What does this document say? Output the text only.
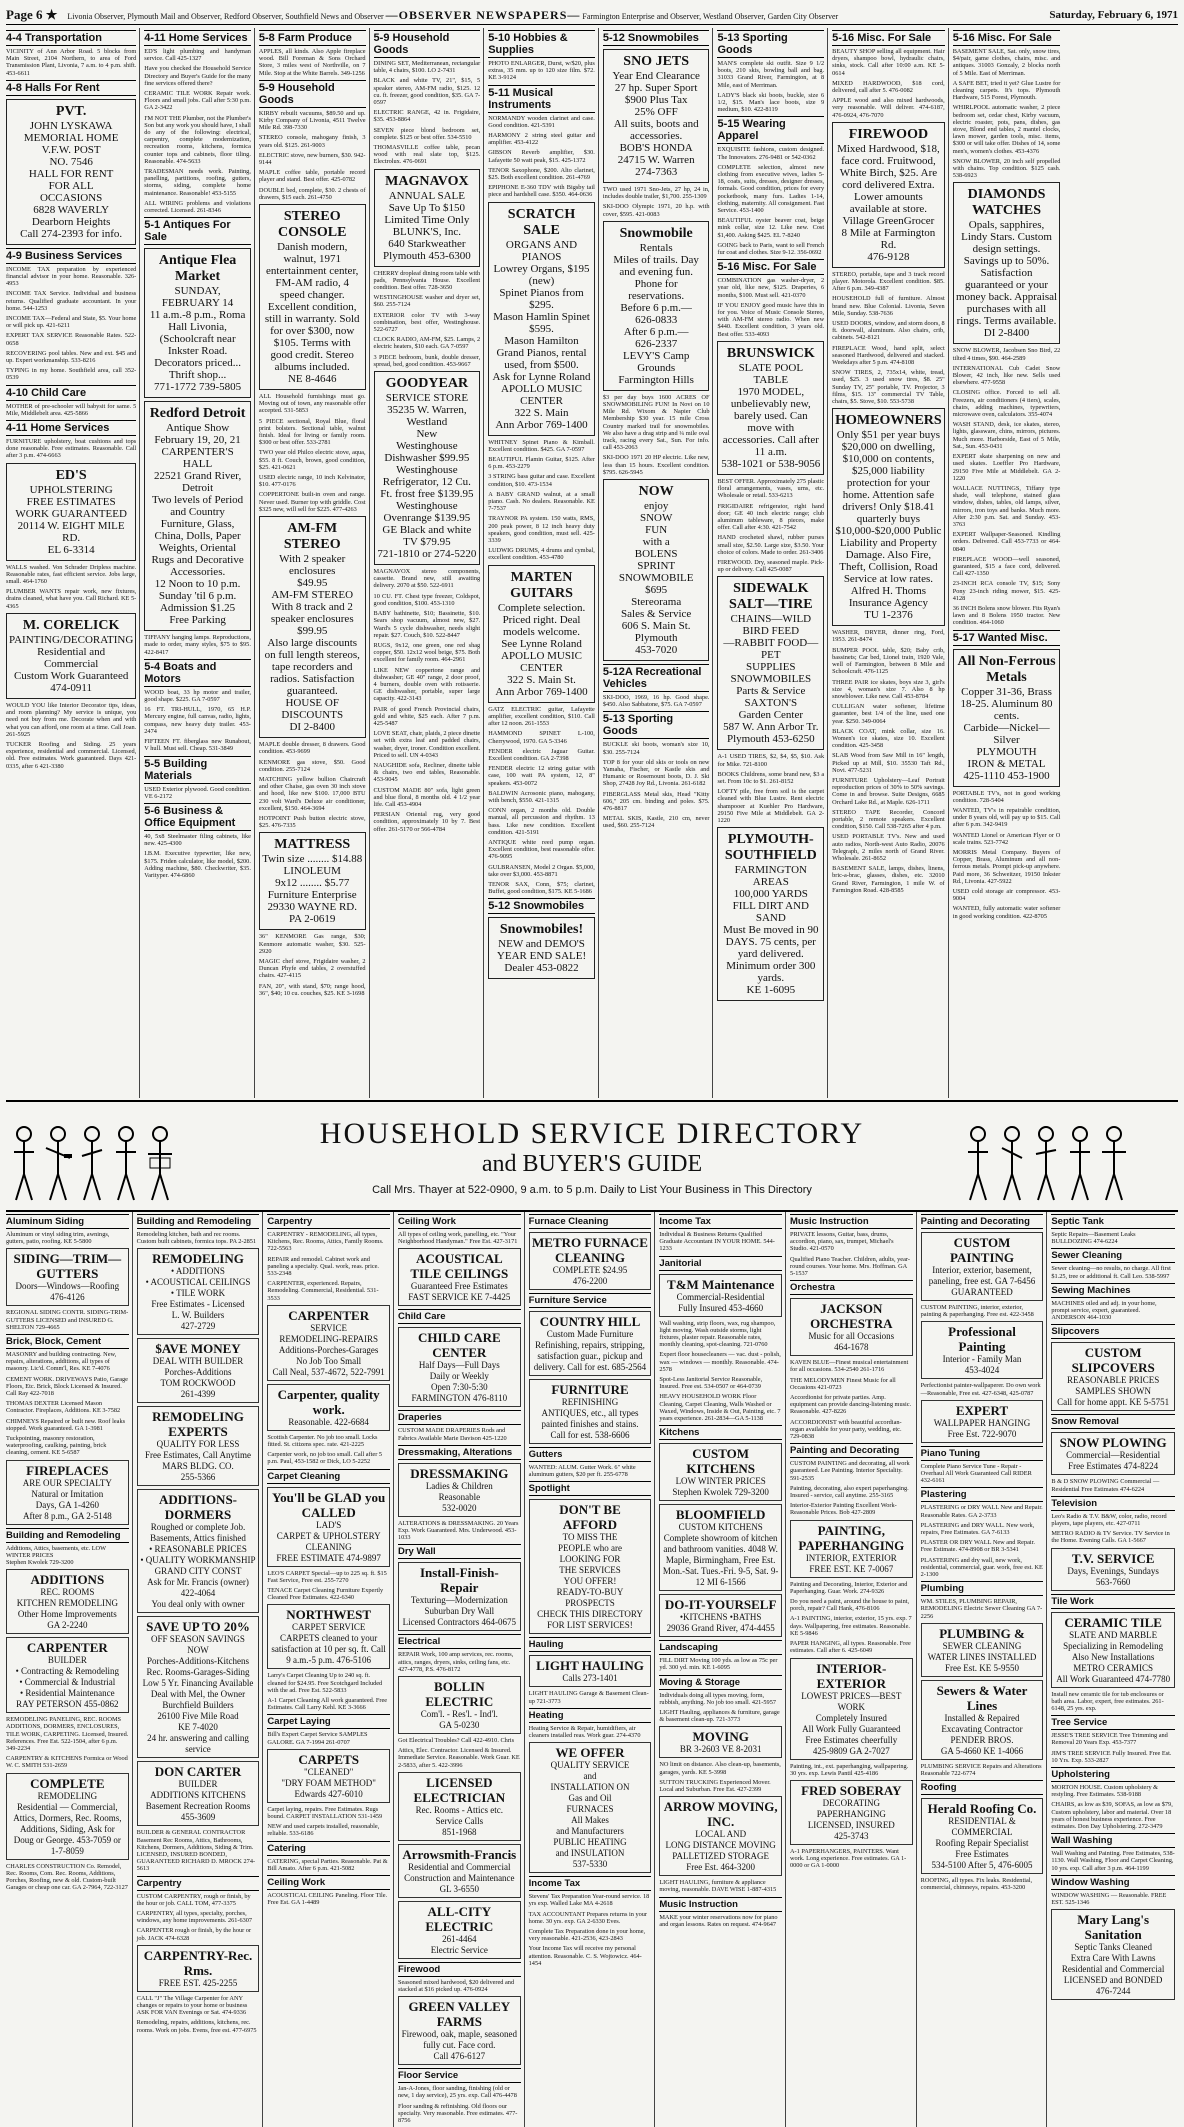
Page 6 ★ Livonia Observer, Plymouth Mail and Observer, Redford Observer, Southfield News and Observer —OBSERVER NEWSPAPERS— Farmington Enterprise and Observer, Westland Observer, Garden City Observer	Saturday, February 6, 1971
4-4 Transportation

VICINITY of Ann Arbor Road. 5 blocks from Main Street, 2104 Northern, to area of Ford Transmission Plant, Livonia, 7 a.m. to 4 p.m. shift. 453-6611

4-8 Halls For Rent
PVT.
JOHN LYSKAWA
MEMORIAL HOME
V.F.W. POST
NO. 7546
HALL FOR RENT
FOR ALL
OCCASIONS
6828 WAVERLY
Dearborn Heights
Call 274-2393 for info.
4-9 Business Services

INCOME TAX preparation by experienced financial advisor in your home. Reasonable. 326-4953

INCOME TAX Service. Individual and business returns. Qualified graduate accountant. In your home. 544-1253

INCOME TAX—Federal and State, $5. Your home or will pick up. 421-6211

EXPERT TAX SERVICE Reasonable Rates. 522-0658

RECOVERING pool tables. New and ext. $45 and up. Expert workmanship. 533-8216

TYPING in my home. Southfield area, call 352-0539

4-10 Child Care

MOTHER of pre-schooler will babysit for same. 5 Mile, Middlebelt area. 425-5866

4-11 Home Services

FURNITURE upholstery, boat cushions and tops done reasonable. Free estimates. Reasonable. Call after 3 p.m. 474-6663

ED'S
UPHOLSTERING
FREE ESTIMATES
WORK GUARANTEED
20114 W. EIGHT MILE RD.
EL 6-3314

WALLS washed. Von Schrader Dripless machine. Reasonable rates, fast efficient service. Jobs large, small. 464-1760

PLUMBER WANTS repair work, new fixtures, drains cleaned, what have you. Call Richard. KE 5-4365

M. CORELICK
PAINTING/DECORATING
Residential and Commercial
Custom Work Guaranteed
474-0911

WOULD YOU like Interior Decorator tips, ideas, and room planning? My service is unique, you need not buy from me. Decorate when and with what you can afford, one room at a time. Call Joan. 261-5925

TUCKER Roofing and Siding. 25 years experience, residential and commercial. Licensed, old. Free estimates. Work guaranteed. Days 421-0335, after 6 421-3380

4-11 Home Services

ED'S light plumbing and handyman service. Call 425-1327

Have you checked the Household Service Directory and Buyer's Guide for the many fine services offered there?

CERAMIC TILE WORK Repair work. Floors and small jobs. Call after 5:30 p.m. GA 2-3422

I'M NOT THE Plumber, not the Plumber's Son but any work you should have, I shall do any of the following: electrical, carpentry, complete modernization, recreation rooms, kitchens, formica counter tops and cabinets, floor tiling. Reasonable. 474-5633

TRADESMAN needs work. Painting, panelling, partitions, roofing, gutters, storms, siding, complete home maintenance. Reasonable! 453-5155

ALL WIRING problems and violations corrected. Licensed. 261-8346

5-1 Antiques For Sale
Antique Flea Market
SUNDAY, FEBRUARY 14
11 a.m.-8 p.m., Roma Hall Livonia, (Schoolcraft near Inkster Road. Decorators priced...
Thrift shop...
771-1772 739-5805
Redford Detroit
Antique Show
February 19, 20, 21
CARPENTER'S HALL
22521 Grand River, Detroit
Two levels of Period and Country Furniture, Glass, China, Dolls, Paper Weights, Oriental Rugs and Decorative Accessories.
12 Noon to 10 p.m.
Sunday 'til 6 p.m.
Admission $1.25
Free Parking

TIFFANY hanging lamps. Reproductions, made to order, many styles, $75 to $95. 422-8417

5-4 Boats and Motors

WOOD boat, 33 hp motor and trailer, good shape. $225. GA 7-0597

16 FT. TRI-HULL, 1970, 65 H.P. Mercury engine, full canvas, radio, lights, compass, new heavy duty trailer. 453-2474

FIFTEEN FT. fiberglass new Runabout, V hull. Must sell. Cheap. 531-3849

5-5 Building Materials

USED Exterior plywood. Good condition. VE 6-2172

5-6 Business & Office Equipment

40, 5x8 Steelmaster filing cabinets, like new. 425-4300

I.B.M. Executive typewriter, like new, $175. Friden calculator, like model, $200. Adding machine, $80. Checkwriter, $35. Varityper. 474-6860

5-8 Farm Produce

APPLES, all kinds. Also Apple fireplace wood. Bill Foreman & Sons Orchard Store, 3 miles west of Northville, on 7 Mile. Stop at the White Barrels. 349-1256

5-9 Household Goods

KIRBY rebuilt vacuums, $89.50 and up. Kirby Company of Livonia, 4511 Twelve Mile Rd. 398-7330

STEREO console, mahogany finish, 3 years old. $125. 261-9003

ELECTRIC stove, new burners, $30. 942-9144

MAPLE coffee table, portable record player and stand. Best offer. 425-0782

DOUBLE bed, complete, $30. 2 chests of drawers, $15 each. 261-4750

STEREO CONSOLE
Danish modern, walnut, 1971 entertainment center, FM-AM radio, 4 speed changer. Excellent condition, still in warranty. Sold for over $300, now $105. Terms with good credit. Stereo albums included.
NE 8-4646

ALL Household furnishings must go. Moving out of town, any reasonable offer accepted. 531-5853

5 PIECE sectional, Royal Blue, floral print bolsters. Sectional table, walnut finish. Ideal for living or family room. $300 or best offer. 533-2781

TWO year old Philco electric stove, aqua, $55. 8 ft. Couch, brown, good condition, $25. 421-0621

USED electric range, 10 inch Kelvinator, $10. 477-0176

COPPERTONE built-in oven and range. Never used. Burner top with griddle. Cost $325 new, will sell for $225. 477-4263

AM-FM STEREO
With 2 speaker enclosures
$49.95
AM-FM STEREO
With 8 track and 2 speaker enclosures
$99.95
Also large discounts on full length stereos, tape recorders and radios. Satisfaction guaranteed.
HOUSE OF
DISCOUNTS
DI 2-8400

MAPLE double dresser, 8 drawers. Good condition. 453-9699

KENMORE gas stove, $50. Good condition. 255-7124

MATCHING yellow bullion Chaircraft and other Chaise, gas oven 30 inch stove and hood, like new $100. 17,000 BTU 230 volt Ward's Deluxe air conditioner, excellent, $150. 464-3694

HOTPOINT Push button electric stove, $25. 476-7335

MATTRESS
Twin size ........ $14.88
LINOLEUM
9x12 ........ $5.77
Furniture Enterprise
29330 WAYNE RD. PA 2-0619

36" KENMORE Gas range, $30; Kenmore automatic washer, $30. 525-2920

MAGIC chef stove, Frigidaire washer, 2 Duncan Phyfe end tables, 2 overstuffed chairs. 427-4115

FAN, 20", with stand, $70; range hood, 36", $40; 10 cu. couches, $25. KE 3-1698

5-9 Household Goods

DINING SET, Mediterranean, rectangular table, 4 chairs, $100. LO 2-7431

BLACK and white TV, 21", $15, 5 speaker stereo, AM-FM radio, $125. 12 cu. ft. freezer, good condition, $35. GA 7-0597

ELECTRIC RANGE, 42 in. Frigidaire, $35. 453-8864

SEVEN piece blond bedroom set, complete. $125 or best offer. 534-5510

THOMASVILLE coffee table, pecan wood with real slate top, $125. Electrolux. 476-0691

MAGNAVOX
ANNUAL SALE
Save Up To $150
Limited Time Only
BLUNK'S, Inc.
640 Starkweather
Plymouth 453-6300

CHERRY dropleaf dining room table with pads, Pennsylvania House. Excellent condition. Best offer. 728-3650

WESTINGHOUSE washer and dryer set, $60. 255-7124

EXTERIOR color TV with 3-way combination, best offer, Westinghouse. 522-6727

CLOCK RADIO, AM-FM, $25. Lamps, 2 electric heaters, $10 each. GA 7-0597

3 PIECE bedroom, bunk, double dresser, spread, bed, good condition. 453-9667

GOODYEAR
SERVICE STORE
35235 W. Warren, Westland
New
Westinghouse Dishwasher $99.95
Westinghouse Refrigerator, 12 Cu. Ft. frost free $139.95
Westinghouse Ovenrange $139.95
GE Black and white TV $79.95
721-1810 or 274-5220

MAGNAVOX stereo components, cassette. Brand new, still awaiting delivery. 2070 at $50. 522-6911

10 CU. FT. Chest type freezer, Coldspot, good condition, $100. 453-1310

BABY bathinette, $10; Bassinette, $10. Sears shop vacuum, almost new, $27. Ward's 5 cycle dishwasher, needs slight repair. $27. Couch, $10. 522-8447

RUGS, 9x12, one green, one red shag copper, $50. 12x12 wool beige, $75. Both excellent for family room. 464-2961

LIKE NEW coppertone range and dishwasher; GE 40" range, 2 door proof, 4 burners, double oven with rotisserie. GE dishwasher, portable, super large capacity. 422-3143

PAIR of good French Provincial chairs, gold and white, $25 each. After 7 p.m. 425-5487

LOVE SEAT, chair, plaids, 2 piece dinette set with extra leaf and padded chairs, washer, dryer, ironer. Condition excellent. Priced to sell. UN 4-0343

NAUGHIDE sofa, Recliner, dinette table & chairs, two end tables, Reasonable. 453-9045

CUSTOM MADE 80" sofa, light green and blue floral, 8 months old. 4 1/2 year life. Call 453-4904

PERSIAN Oriental rug, very good condition, approximately 10 by 7. Best offer. 261-5170 or 566-4784

5-10 Hobbies & Supplies

PHOTO ENLARGER, Durst, w/$20, plus extras, 35 mm. up to 120 size film. $72. KE 3-9124

5-11 Musical Instruments

NORMANDY wooden clarinet and case. Good condition. 421-5391

HARMONY 2 string steel guitar and amplifier. 453-4122

GIBSON Reverb amplifier, $30. Lafayette 50 watt peak, $15. 425-1372

TENOR Saxophone, $200. Alto clarinet, $25. Both excellent condition. 261-4769

EPIPHONE E-360 TDV with Bigsby tail piece and hardshell case. $350. 464-0636

SCRATCH SALE
ORGANS AND PIANOS
Lowrey Organs, $195 (new)
Spinet Pianos from $295.
Mason Hamlin Spinet $595.
Mason Hamilton Grand Pianos, rental used, from $500.
Ask for Lynne Roland
APOLLO MUSIC CENTER
322 S. Main
Ann Arbor 769-1400

WHITNEY Spinet Piano & Kimball. Excellent condition. $425. GA 7-0597

BEAUTIFUL Flamin Guitar, $125. After 6 p.m. 453-2279

3 STRING bass guitar and case. Excellent condition, $10. 473-1534

A BABY GRAND walnut, at a small piano. Cash. No dealers. Reasonable. KE 7-7537

TRAYNOR PA system. 150 watts, RMS, 200 peak power, 8 12 inch heavy duty speakers, good condition, must sell. 425-3339

LUDWIG DRUMS, 4 drums and cymbal, excellent condition. 453-4780

MARTEN GUITARS
Complete selection. Priced right. Deal models welcome.
See Lynne Roland
APOLLO MUSIC CENTER
322 S. Main St.
Ann Arbor 769-1400

GATZ ELECTRIC guitar, Lafayette amplifier, excellent condition, $110. Call after 12 noon. 261-1553

HAMMOND SPINET L-100, Cherrywood, 1970. GA 5-3346

FENDER electric Jaguar Guitar. Excellent condition. GA 2-7398

FENDER electric 12 string guitar with case, 100 watt PA system, 12, 8" speakers. 453-0072

BALDWIN Acrosonic piano, mahogany, with bench, $550. 421-1315

CONN organ, 2 months old. Double manual, all percussion and rhythm. 13 bass. Like new condition. Excellent condition. 421-5191

ANTIQUE white reed pump organ. Excellent condition, best reasonable offer. 476-9095

GULBRANSEN, Model 2 Organ. $5,000, take over $3,000. 453-8871

TENOR SAX, Conn, $75; clarinet, Buffet, good condition, $175. KE 5-1686

5-12 Snowmobiles
Snowmobiles!
NEW and DEMO'S
YEAR END SALE!
Dealer 453-0822
5-12 Snowmobiles
SNO JETS
Year End Clearance
27 hp. Super Sport $900 Plus Tax
25% OFF
All suits, boots and accessories.
BOB'S HONDA
24715 W. Warren
274-7363

TWO used 1971 Sno-Jets, 27 hp, 24 in, includes double trailer, $1,700. 255-1309

SKI-DOO Olympic 1971, 20 h.p. with cover, $595. 421-0083

Snowmobile
Rentals
Miles of trails. Day and evening fun. Phone for reservations.
Before 6 p.m.—
626-0833
After 6 p.m.—
626-2337
LEVY'S Camp Grounds
Farmington Hills

$3 per day buys 1600 ACRES OF SNOWMOBILING FUN! In Novi on 10 Mile Rd. Wixom & Napier Club Membership $30 year. 15 mile Cross Country marked trail for snowmobiles. We also have a drag strip and ¼ mile oval track, racing every Sat., Sun. For info. call 453-2063

SKI-DOO 1971 20 HP electric. Like new, less than 15 hours. Excellent condition. $795. 626-5945

NOW
enjoy
SNOW
FUN
with a
BOLENS
SPRINT
SNOWMOBILE
$695
Stereorama
Sales & Service
606 S. Main St.
Plymouth
453-7020
5-12A Recreational Vehicles

SKI-DOO, 1969, 16 hp. Good shape. $450. Also Sabbatone, $75. GA 7-0597

5-13 Sporting Goods

BUCKLE ski boots, woman's size 10, $30. 255-7124

TOP 8 for your old skis or tools on new Yamaha, Fischer, or Kastle skis and Humanic or Rosemount boots, D. J. Ski Shop, 27428 Joy Rd., Livonia. 261-6182

FIBERGLASS Metal skis, Head "Kitty 606," 205 cm. binding and poles. $75. 476-8817

METAL SKIS, Kastle, 210 cm, never used, $60. 255-7124

5-13 Sporting Goods

MAN'S complete ski outfit. Size 9 1/2 boots, 210 skis, bowling ball and bag. 31033 Grand River, Farmington, at 8 Mile, east of Merriman.

LADY'S black ski boots, buckle, size 6 1/2, $15. Man's lace boots, size 9 medium, $10. 422-8119

5-15 Wearing Apparel

EXQUISITE fashions, custom designed. The Innovators. 276-9481 or 542-0362

COMPLETE selection, almost new clothing from executive wives, ladies 5-18, coats, suits, dresses, designer dresses, formals. Good condition, prices for every pocketbook, many furs. Ladies 1-14, clothing, maternity. All consignment. Fast Service. 453-1400

BEAUTIFUL oyster beaver coat, beige mink collar, size 12. Like new. Cost $1,400. Asking $425. EL 7-8240

GOING back to Paris, want to sell French fur coat and clothes. Size 9-12. 356-0692

5-16 Misc. For Sale

COMBINATION gas washer-dryer, 2 year old, like new, $125. Draperies, 6 months, $100. Must sell. 421-0370

IF YOU ENJOY good music have this in for you. Voice of Music Console Stereo, with AM-FM stereo radio. When new $440. Excellent condition, 3 years old. Best offer. 533-4093

BRUNSWICK
SLATE POOL TABLE
1970 MODEL, unbelievably new, barely used. Can move with accessories. Call after 11 a.m.
538-1021 or 538-9056

BEST OFFER. Approximately 275 plastic floral arrangements, vases, urns, etc. Wholesale or retail. 533-6213

FRIGIDAIRE refrigerator, right hand door; GE 40 inch electric range; club aluminum tableware, 8 pieces, make offer. Call after 4:30. 421-7542

HAND crocheted shawl, rubber purses small size, $2.50. Large size, $3.50. Your choice of colors. Made to order. 261-3406

FIREWOOD. Dry, seasoned maple. Pick-up or delivery. Call 425-0087

SIDEWALK SALT—TIRE
CHAINS—WILD BIRD FEED
—RABBIT FOOD—PET
SUPPLIES
SNOWMOBILES
Parts & Service
SAXTON'S
Garden Center
587 W. Ann Arbor Tr.
Plymouth 453-6250

A-1 USED TIRES, $2, $4, $5, $10. Ask for Mike. 721-8100

BOOKS Childrens, some brand new, $3 a set. From 10c to $1. 261-8152

LOFTY pile, free from soil is the carpet cleaned with Blue Lustre. Rent electric shampooer at Kuehler Pro Hardware, 29150 Five Mile at Middlebelt. GA 2-1220

PLYMOUTH-SOUTHFIELD
FARMINGTON AREAS
100,000 YARDS
FILL DIRT AND SAND
Must Be moved in 90 DAYS. 75 cents, per yard delivered. Minimum order 300 yards.
KE 1-6095
5-16 Misc. For Sale

BEAUTY SHOP selling all equipment. Hair dryers, shampoo bowl, hydraulic chairs, sinks, stock. Call after 10:00 a.m. KE 5-0614

MIXED HARDWOOD, $18 cord, delivered, call after 5. 476-0082

APPLE wood and also mixed hardwoods, very reasonable. Will deliver. 474-6187, 476-0924, 476-7070

FIREWOOD
Mixed Hardwood, $18, face cord. Fruitwood, White Birch, $25. Are cord delivered Extra. Lower amounts available at store.
Village GreenGrocer
8 Mile at Farmington Rd.
476-9128

STEREO, portable, tape and 3 track record player. Motorola. Excellent condition. $85. After 6 p.m. 349-4387

HOUSEHOLD full of furniture. Almost brand new. Blue Colonial. Livonia, Seven Mile, Sunday. 538-7636

USED DOORS, window, and storm doors, 8 ft. doorwall, aluminum. Also chairs, crib, cabinets. 542-8121

FIREPLACE Wood, hand split, select seasoned Hardwood, delivered and stacked. Weekdays after 5 p.m. 474-8108

SNOW TIRES, 2, 735x14, white, tread, used, $25. 3 used snow tires, $8. 25" Sunday TV, 25" portable, TV. Projector, 3 films, $15. 13" commercial TV Table, chairs, $5. Stove, $10. 553-5738

HOMEOWNERS
Only $51 per year buys $20,000 on dwelling, $10,000 on contents, $25,000 liability protection for your home. Attention safe drivers! Only $18.41 quarterly buys $10,000-$20,000 Public Liability and Property Damage. Also Fire, Theft, Collision, Road Service at low rates.
Alfred H. Thoms
Insurance Agency
TU 1-2376

WASHER, DRYER, dinner ring, Ford, 1953. 261-8474

BUMPER POOL table, $20; Baby crib, bassinets; Car bed, Lionel train, 1920 Vale, well of Farmington, between 8 Mile and Schoolcraft. 476-1125

THREE PAIR ice skates, boys size 3, girl's size 4, woman's size 7. Also 8 hp snowblower. Like new. Call 453-8784

CULLIGAN water softener, lifetime guarantee, best 1/4 of the line, used one year. $250. 349-0064

BLACK COAT, mink collar, size 16. Women's ice skates, size 10. Excellent condition. 425-3458

SLAB Wood from Saw Mill in 16" length, Picked up at Mill, $10. 35530 Taft Rd., Novi. 477-5231

FURNITURE Upholstery—Leaf Portrait reproduction prices of 30% to 50% savings. Come in and browse. Suite Designs, 6685 Orchard Lake Rd., at Maple. 626-1711

STEREO TAPE Recorder, Concord portable, 2 remote speakers. Excellent condition, $150. Call 538-7265 after 4 p.m.

USED PORTABLE TV's. New and used auto radios, North-west Auto Radio, 20076 Telegraph, 2 miles north of Grand River. Wholesale. 261-8652

BASEMENT SALE, lamps, dishes, linens, bric-a-brac, glasses, dishes, etc. 32010 Grand River, Farmington, 1 mile W. of Farmington Road. 428-8585

5-16 Misc. For Sale

BASEMENT SALE, Sat. only, snow tires, $4/pair, game clothes, chairs, misc. and antiques. 31003 Gonzaly, 2 blocks north of 5 Mile. East of Merriman.

A SAFE BET, tried it yet? Glue Lustre for cleaning carpets. It's tops. Plymouth Hardware, 515 Forest, Plymouth.

WHIRLPOOL automatic washer, 2 piece bedroom set, cedar chest, Kirby vacuum, electric roaster, pots, pans, dishes, gas stove, Blond end tables, 2 mantel clocks, lawn mower, garden tools, misc. items, $300 or will take offer. Dishes of 14, some men's, women's clothes. 453-4376

SNOW BLOWER, 20 inch self propelled with chains. Top condition. $125 cash. 538-6923

DIAMONDS WATCHES
Opals, sapphires, Lindy Stars. Custom design settings. Savings up to 50%. Satisfaction guaranteed or your money back. Appraisal purchases with all rings. Terms available.
DI 2-8400

SNOW BLOWER, Jacobsen Sno Bird, 22 tilted 4 times, $90. 464-2589

INTERNATIONAL Cub Cadet Snow Blower, 42 inch, like new. Sells used elsewhere. 477-9558

CLOSING office. Forced to sell all. Freezers, air conditioners (4 tiers), scales, chairs, adding machines, typewriters, microwave oven, calculators. 355-4074

WASH STAND, desk, ice skates, stereo, lights, glassware, chins, mirrors, pictures. Much more. Harborside, East of 5 Mile, Sat., Sun. 453-0431

EXPERT skate sharpening on new and used skates. Loeffler Pro Hardware, 29150 Five Mile at Middlebelt. GA 2-1220

WALLACE NUTTINGS, Tiffany type shade, wall telephone, stained glass window, dishes, tables, old lamps, silver, mirrors, iron toys and banks. Much more. After 2:30 p.m. Sat. and Sunday. 453-3763

EXPERT Wallpaper-Seasoned. Kindling orders. Delivered. Call 453-7733 or 464-0840

FIREPLACE WOOD—well seasoned, guaranteed, $15 a face cord, delivered. Call 427-1350

23-INCH RCA console TV, $15; Sony Pony 23-inch riding mower, $15. 425-4128

36 INCH Bolens snow blower. Fits Ryan's lawn and 8 Bolens 1950 tractor. New condition. 464-1060

5-17 Wanted Misc.
All Non-Ferrous Metals
Copper 31-36, Brass 18-25. Aluminum 80 cents.
Carbide—Nickel—Silver
PLYMOUTH
IRON & METAL
425-1110 453-1900

PORTABLE TV's, not in good working condition. 728-5404

WANTED, TV's in repairable condition, under 8 years old, will pay up to $15. Call after 6 p.m. 342-9419

WANTED Lionel or American Flyer or O scale trains. 523-7742

MORRIS Metal Company. Buyers of Copper, Brass, Aluminum and all non-ferrous metals. Prompt pick-up anywhere. Paid more, 36 Schweitzer, 19150 Inkster Rd., Livonia. 427-5922

USED cold storage air compressor. 453-9004

WANTED, fully automatic water softener in good working condition. 422-8705

HOUSEHOLD SERVICE DIRECTORY
and BUYER'S GUIDE
Call Mrs. Thayer at 522-0900, 9 a.m. to 5 p.m. Daily to List Your Business in This Directory
Aluminum Siding

Aluminum or vinyl siding trim, awnings, gutters, patio, roofing. KE 5-5800

SIDING—TRIM—GUTTERS
Doors—Windows—Roofing
476-4126

REGIONAL SIDING CONTR. SIDING-TRIM-GUTTERS LICENSED and INSURED G. SHELTON 729-4665

Brick, Block, Cement

MASONRY and building contracting. New, repairs, alterations, additions, all types of masonry. Lic'd. Comm'l, Res. KE 7-4076

CEMENT WORK. DRIVEWAYS Patio, Garage Floors, Etc. Brick, Block Licensed & Insured. Call Ray 422-7018

THOMAS DEXTER Licensed Mason Contractor. Fireplaces, Additions. KE 3-7582

CHIMNEYS Repaired or built new. Roof leaks stopped. Work guaranteed. GA 1-3981

Tuckpointing, masonry restoration, waterproofing, caulking, painting, brick cleaning, cement. KE 5-6587

FIREPLACES
ARE OUR SPECIALTY
Natural or Imitation
Days, GA 1-4260
After 8 p.m., GA 2-5148
Building and Remodeling

Additions, Attics, basements, etc. LOW WINTER PRICES
Stephen Kwolek 729-3200

ADDITIONS
REC. ROOMS
KITCHEN REMODELING
Other Home Improvements
GA 2-2240
CARPENTER
BUILDER
• Contracting & Remodeling
• Commercial & Industrial
• Residential Maintenance
RAY PETERSON 455-0862

REMODELING PANELING, REC. ROOMS ADDITIONS, DORMERS, ENCLOSURES, TILE WORK, CARPETING. Licensed, Insured. References. Free Est. 522-1504, after 6 p.m. 349-2234

CARPENTRY & KITCHENS Formica or Wood W. C. SMITH 531-2659

COMPLETE
REMODELING
Residential — Commercial, Attics, Dormers, Rec. Rooms, Additions, Siding, Ask for Doug or George. 453-7059 or 1-7-8059

CHARLES CONSTRUCTION Co. Remodel, Rec. Rooms, Com. Rec. Rooms, Additions, Porches, Roofing, new & old. Custom-built Garages or cheap one car. GA 2-7964, 722-3127

Building and Remodeling

Remodeling kitchen, bath and rec rooms. Custom built cabinets, formica tops. PA 2-2851

REMODELING
• ADDITIONS
• ACOUSTICAL CEILINGS
• TILE WORK
Free Estimates - Licensed
L. W. Builders
427-2729
$AVE MONEY
DEAL WITH BUILDER
Porches-Additions
TOM ROCKWOOD
261-4399
REMODELING EXPERTS
QUALITY FOR LESS
Free Estimates, Call Anytime
MARS BLDG. CO.
255-5366
ADDITIONS-DORMERS
Roughed or complete Job.
Basements, Attics finished
• REASONABLE PRICES
• QUALITY WORKMANSHIP
GRAND CITY CONST
Ask for Mr. Francis (owner)
422-4064
You deal only with owner
SAVE UP TO 20%
OFF SEASON SAVINGS NOW
Porches-Additions-Kitchens
Rec. Rooms-Garages-Siding
Low 5 Yr. Financing Available
Deal with Mel, the Owner
Burchfield Builders
26100 Five Mile Road
KE 7-4020
24 hr. answering and calling service
DON CARTER
BUILDER
ADDITIONS KITCHENS
Basement Recreation Rooms
455-3609

BUILDER & GENERAL CONTRACTOR Basement Rec Rooms, Attics, Bathrooms, Kitchens, Dormers, Additions, Siding & Trim. LICENSED, INSURED BONDED, GUARANTEED RICHARD D. MROCK 274-5613

Carpentry

CUSTOM CARPENTRY, rough or finish, by the hour or job. CALL TOM, 477-3375

CARPENTRY, all types, specialty, porches, windows, any home improvements. 261-6307

CARPENTER rough or finish, by the hour or job. JACK 474-6328

CARPENTRY-Rec. Rms.
FREE EST. 425-2255

CALL "J" The Village Carpenter for ANY changes or repairs to your home or business ASK FOR VAN Evenings or Sat. 474-9336

Remodeling, repairs, additions, kitchens, rec. rooms. Work on jobs. Evens, free est. 477-6975

Carpentry

CARPENTRY - REMODELING, all types, Kitchens, Rec. Rooms, Attics, Family Rooms. 722-5563

REPAIR and remodel. Cabinet work and paneling a specialty. Qual. work, reas. price. 533-2348

CARPENTER, experienced. Repairs, Remodeling. Commercial, Residential. 531-3533

CARPENTER
SERVICE
REMODELING-REPAIRS
Additions-Porches-Garages
No Job Too Small
Call Neal, 537-4672, 522-7991
Carpenter, quality work.
Reasonable. 422-6684

Scottish Carpenter. No job too small. Locks fitted. St. citizens spec. rate. 421-2225

Carpenter work, no job too small. Call after 5 p.m. Paul, 453-1582 or Dick, LO 5-2252

Carpet Cleaning
You'll be GLAD you CALLED
LAD'S
CARPET & UPHOLSTERY
CLEANING
FREE ESTIMATE 474-9897

LEO'S CARPET Special—up to 225 sq. ft. $15 Fast Service, Free est. 255-7270

TENACE Carpet Cleaning Furniture Expertly Cleaned Free Estimates. 422-6340

NORTHWEST
CARPET SERVICE
CARPETS cleaned to your satisfaction at 10 per sq. ft. Call 9 a.m.-5 p.m. 476-5106

Larry's Carpet Cleaning Up to 240 sq. ft. cleaned for $24.95. Free Scotchgard Included with the ad. Free Est. 522-5833

A-1 Carpet Cleaning All work guaranteed. Free Estimates. Call Larry Kehl. KE 3-3666

Carpet Laying

Bill's Expert Carpet Service SAMPLES GALORE. GA 7-1994 261-0707

CARPETS
"CLEANED"
"DRY FOAM METHOD"
Edwards 427-6010

Carpet laying, repairs. Free Estimates. Rugs bound. CARPET INSTALLATION 531-1459

NEW and used carpets installed, reasonable, reliable. 533-6186

Catering

CATERING, special Parties. Reasonable. Pat & Bill Amato. After 6 p.m. 421-5082

Ceiling Work

ACOUSTICAL CEILING Paneling. Floor Tile. Free Est. GA 1-4489

Ceiling Work

All types of ceiling work, panelling, etc. "Your Neighborhood Handyman." Free Est. 427-3171

ACOUSTICAL TILE CEILINGS
Guaranteed Free Estimates
FAST SERVICE KE 7-4425
Child Care
CHILD CARE CENTER
Half Days—Full Days
Daily or Weekly
Open 7:30-5:30
FARMINGTON 476-8110
Draperies

CUSTOM MADE DRAPERIES Rods and Fabrics Available Marie Davison 425-1220

Dressmaking, Alterations
DRESSMAKING
Ladies & Children
Reasonable
532-0020

ALTERATIONS & DRESSMAKING. 20 Years Exp. Work Guaranteed. Mrs. Underwood. 453-1033

Dry Wall
Install-Finish-Repair
Texturing—Modernization
Suburban Dry Wall
Licensed Contractors 464-0675
Electrical

REPAIR Work, 100 amp services, rec. rooms, attics, ranges, dryers, sinks, ceiling fans, etc. 427-4778, P.S. 476-8172

BOLLIN ELECTRIC
Com'l. - Res'l. - Ind'l.
GA 5-0230

Got Electrical Troubles? Call 422-4910. Chris

Attics, Elec. Contractor. Licensed & Insured. Immediate Service. Reasonable. Work Guar. KE 2-5833, after 5. 422-3996

LICENSED ELECTRICIAN
Rec. Rooms - Attics etc.
Service Calls
851-1968
Arrowsmith-Francis
Residential and Commercial
Construction and Maintenance
GL 3-6550
ALL-CITY ELECTRIC
261-4464
Electric Service
Firewood

Seasoned mixed hardwood, $20 delivered and stacked at $16 picked up. 476-0924

GREEN VALLEY FARMS
Firewood, oak, maple, seasoned fully cut. Face cord.
Call 476-6127
Floor Service

Jan-A-Jones, floor sanding, finishing (old or new, 1 day service), 25 yrs. exp. Call 476-4478

Floor sanding & refinishing. Old floors our specialty. Very reasonable. Free estimates. 477-8756

Furnace Cleaning
METRO FURNACE CLEANING
COMPLETE $24.95
476-2200
Furniture Service
COUNTRY HILL
Custom Made Furniture
Refinishing, repairs, stripping, satisfaction guar., pickup and delivery. Call for est. 685-2564
FURNITURE
REFINISHING
ANTIQUES, etc., all types painted finishes and stains.
Call for est. 538-6606
Gutters

WANTED: ALUM. Gutter Work. 6" white aluminum gutters, $20 per ft. 255-6778

Spotlight
DON'T BE AFFORD
TO MISS THE
PEOPLE who are
LOOKING FOR
THE SERVICES
YOU OFFER!
READY-TO-BUY
PROSPECTS
CHECK THIS DIRECTORY
FOR LIST SERVICES!
Hauling
LIGHT HAULING
Calls 273-1401

LIGHT HAULING Garage & Basement Clean-up 721-3773

Heating

Heating Service & Repair, humidifiers, air cleaners installed reas. Work guar. 274-4370

WE OFFER
QUALITY SERVICE
and
INSTALLATION ON
Gas and Oil
FURNACES
All Makes
and Manufacturers
PUBLIC HEATING
and INSULATION
537-5330
Income Tax

Stevens' Tax Preparation Year-round service. 18 yrs exp. Walled Lake MA 4-2618

TAX ACCOUNTANT Prepares returns in your home. 30 yrs. exp. GA 2-6330 Eves.

Complete Tax Preparation done in your home, very reasonable. 421-2536, 423-2843

Your Income Tax will receive my personal attention. Reasonable. C. S. Wojtowicz. 464-1454

Income Tax

Individual & Business Returns Qualified Graduate Accountant IN YOUR HOME. 544-1233

Janitorial
T&M Maintenance
Commercial-Residential
Fully Insured 453-4660

Wall washing, strip floors, wax, rug shampoo, light moving. Wash outside storms, light fixtures, plaster repair. Reasonable rates, monthly cleaning, spot-cleaning. 721-0760

Expert floor housecleaners — vac. dust - polish, wax — windows — monthly. Reasonable. 474-2578

Spot-Less Janitorial Service Reasonable, Insured. Free est. 534-0507 or 464-0739

HEAVY HOUSEHOLD WORK Floor Cleaning, Carpet Cleaning, Walls Washed or Waxed, Windows, Inside & Out, Painting, etc. 7 years experience. 261-2834—GA 5-1138

Kitchens
CUSTOM KITCHENS
LOW WINTER PRICES
Stephen Kwolek 729-3200
BLOOMFIELD
CUSTOM KITCHENS
Complete showroom of kitchen and bathroom vanities. 4048 W. Maple, Birmingham, Free Est. Mon.-Sat. Tues.-Fri. 9-5, Sat. 9-12 MI 6-1566
DO-IT-YOURSELF
•KITCHENS •BATHS
29036 Grand River, 474-4455
Landscaping

FILL DIRT Moving 100 yds. as low as 75c per yd. 300 yd. min. KE 1-6095

Moving & Storage

Individuals doing all types moving, form, rubbish, anything. No job too small. 421-5957

LIGHT Hauling, appliances & furniture, garage & basement clean-up. 721-3773

MOVING
BR 3-2603 VE 8-2031

NO limit on distance. Also clean-up, basements, garages, yards. KE 5-3998

SUTTON TRUCKING Experienced Mover. Local and Suburban. Free Est. 427-2399

ARROW MOVING, INC.
LOCAL AND
LONG DISTANCE MOVING
PALLETIZED STORAGE
Free Est. 464-3200

LIGHT HAULING, furniture & appliance moving, reasonable. DAVE WISE 1-887-4315

Music Instruction

MAKE your winter reservations now for piano and organ lessons. Rates on request. 474-9647

Music Instruction

PRIVATE lessons, Guitar, bass, drums, accordion, piano, sax, trumpet, Michael's Studio. 421-0570

Qualified Piano Teacher. Children, adults, year-round courses. Your home. Mrs. Hoffman. GA 5-1537

Orchestra
JACKSON ORCHESTRA
Music for all Occasions
464-1678

KAVEN BLUE—Finest musical entertainment for all occasions. 534-2540 261-1716

THE MELODYMEN Finest Music for all Occasions 421-0723

Accordionist for private parties. Amp. equipment can provide dancing-listening music. Reasonable. 427-8226

ACCORDIONIST with beautiful accordian-organ available for your party, wedding, etc. 729-0838

Painting and Decorating

CUSTOM PAINTING and decorating, all work guaranteed. Lee Painting. Interior Speciality. 591-2535

Painting, decorating, also expert paperhanging. Insured - service, call anytime. 255-3165

Interior-Exterior Painting Excellent Work-Reasonable Prices. Bob 427-2809

PAINTING, PAPERHANGING
INTERIOR, EXTERIOR
FREE EST. KE 7-0067

Painting and Decorating, Interior, Exterior and Paperhanging. Guar. Work. 274-9326

Do you need a paint, around the house to paint, porch, repair? Call Hank, 476-8106

A-1 PAINTING, interior, exterior, 15 yrs. exp. 7 days. Wallpapering, free estimates. Reasonable. KE 5-9846

PAPER HANGING, all types. Reasonable. Free estimates. Call after 6. 425-6049

INTERIOR-EXTERIOR
LOWEST PRICES—BEST WORK
Completely Insured
All Work Fully Guaranteed
Free Estimates cheerfully
425-9809 GA 2-7027

Painting, int., ext. paperhanging, wallpapering. 30 yrs. exp. Lewis Pantil 425-4186

FRED SOBERAY
DECORATING
PAPERHANGING
LICENSED, INSURED
425-3743

A-1 PAPERHANGERS, PAINTERS. Want work. Long experience. Free estimates. GA 1-0000 or GA 1-0000

Painting and Decorating
CUSTOM PAINTING
Interior, exterior, basement, paneling, free est. GA 7-6456
GUARANTEED

CUSTOM PAINTING, interior, exterior, painting & paperhanging. Free est. 422-3458

Professional Painting
Interior - Family Man
453-4024

Perfectionist painter-wallpaperer. Do own work—Reasonable, Free est. 427-6348, 425-0787

EXPERT
WALLPAPER HANGING
Free Est. 722-9070
Piano Tuning

Complete Piano Service Tune - Repair - Overhaul All Work Guaranteed Call RIDER 432-6161

Plastering

PLASTERING or DRY WALL New and Repair. Reasonable Rates. GA 2-3733

PLASTERING and DRY WALL. New work, repairs, Free Estimates. GA 7-6133

PLASTER OR DRY WALL New and Repair. Free Estimate. 474-8908 or BR 3-5341

PLASTERING and dry wall, new work, residential, commercial, guar. work, free est. KE 2-1300

Plumbing

WM. STILES, PLUMBING REPAIR, REMODELING Electric Sewer Cleaning GA 7-2256

PLUMBING &
SEWER CLEANING
WATER LINES INSTALLED
Free Est. KE 5-9550
Sewers & Water Lines
Installed & Repaired
Excavating Contractor
PENDER BROS.
GA 5-4660 KE 1-4066

PLUMBING SERVICE Repairs and Alterations Reasonable 722-6774

Roofing
Herald Roofing Co.
RESIDENTIAL & COMMERCIAL
Roofing Repair Specialist
Free Estimates
534-5100 After 5, 476-6005

ROOFING, all types. Fix leaks. Residential, commercial, chimneys, repairs. 453-3200

Septic Tank

Septic Repairs—Basement Leaks BULLDOZING 474-6224

Sewer Cleaning

Sewer cleaning—no results, no charge. All first $1.25, tree or additional ft. Call Leo. 538-5997

Sewing Machines

MACHINES oiled and adj. in your home, prompt service, expert, guaranteed. ANDERSON 464-1030

Slipcovers
CUSTOM SLIPCOVERS
REASONABLE PRICES
SAMPLES SHOWN
Call for home appt. KE 5-5751
Snow Removal
SNOW PLOWING
Commercial—Residential
Free Estimates 474-8224

B & D SNOW PLOWING Commercial — Residential Free Estimates 474-6224

Television

Leo's Radio & T.V. B&W, color, radio, record players, tape players, etc. 427-0711

METRO RADIO & TV Service. TV Service in the Home. Evening Calls. GA 1-5667

T.V. SERVICE
Days, Evenings, Sundays
563-7660
Tile Work
CERAMIC TILE
SLATE AND MARBLE
Specializing in Remodeling
Also New Installations
METRO CERAMICS
All Work Guaranteed 474-7780

Install new ceramic tile for tub enclosures or bath area. Labor, expert, free estimates. 261-6148, 25 yrs. exp.

Tree Service

JESSE'S TREE SERVICE Tree Trimming and Removal 20 Years Exp. 453-7377

JIM'S TREE SERVICE Fully Insured. Free Est. 10 Yrs. Exp. 533-2827

Upholstering

MORTON HOUSE. Custom upholstery & restyling. Free Estimates. 538-9188

CHAIRS, as low as $39, SOFAS, as low as $79, Custom upholstery, labor and material. Over 18 years of honest business experience. Free estimates. Don Day Upholstering. 272-3479

Wall Washing

Wall Washing and Painting. Free Estimates, 538-1130. Wall Washing, Floor and Carpet Cleaning, 10 yrs. exp. Call after 3 p.m. 464-1199

Window Washing

WINDOW WASHING — Reasonable. FREE EST. 525-1346

Mary Lang's Sanitation
Septic Tanks Cleaned
Extra Care With Lawns
Residential and Commercial
LICENSED and BONDED
476-7244
